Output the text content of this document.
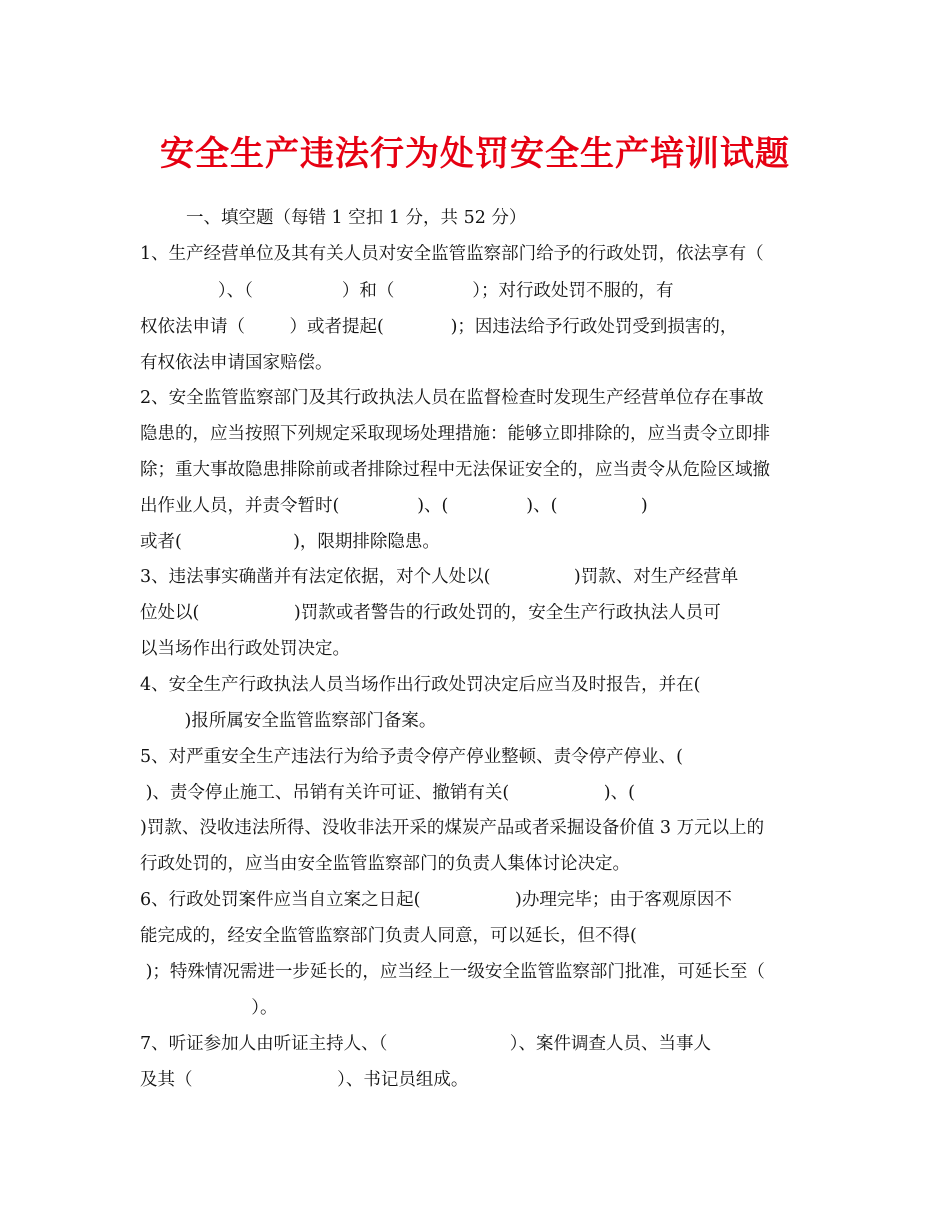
安全生产违法行为处罚安全生产培训试题
一、填空题（每错 1 空扣 1 分，共 52 分）
1、生产经营单位及其有关人员对安全监管监察部门给予的行政处罚，依法享有（
）、（                ）和（              ）；对行政处罚不服的，有
权依法申请（        ）或者提起(            )；因违法给予行政处罚受到损害的，
有权依法申请国家赔偿。
2、安全监管监察部门及其行政执法人员在监督检查时发现生产经营单位存在事故
隐患的，应当按照下列规定采取现场处理措施：能够立即排除的，应当责令立即排
除；重大事故隐患排除前或者排除过程中无法保证安全的，应当责令从危险区域撤
出作业人员，并责令暂时(              )、(              )、(               )
或者(                    )，限期排除隐患。
3、违法事实确凿并有法定依据，对个人处以(               )罚款、对生产经营单
位处以(                 )罚款或者警告的行政处罚的，安全生产行政执法人员可
以当场作出行政处罚决定。
4、安全生产行政执法人员当场作出行政处罚决定后应当及时报告，并在(
)报所属安全监管监察部门备案。
5、对严重安全生产违法行为给予责令停产停业整顿、责令停产停业、(
)、责令停止施工、吊销有关许可证、撤销有关(                 )、(
)罚款、没收违法所得、没收非法开采的煤炭产品或者采掘设备价值 3 万元以上的
行政处罚的，应当由安全监管监察部门的负责人集体讨论决定。
6、行政处罚案件应当自立案之日起(                 )办理完毕；由于客观原因不
能完成的，经安全监管监察部门负责人同意，可以延长，但不得(
)；特殊情况需进一步延长的，应当经上一级安全监管监察部门批准，可延长至（
）。
7、听证参加人由听证主持人、（                      ）、案件调查人员、当事人
及其（                          ）、书记员组成。
